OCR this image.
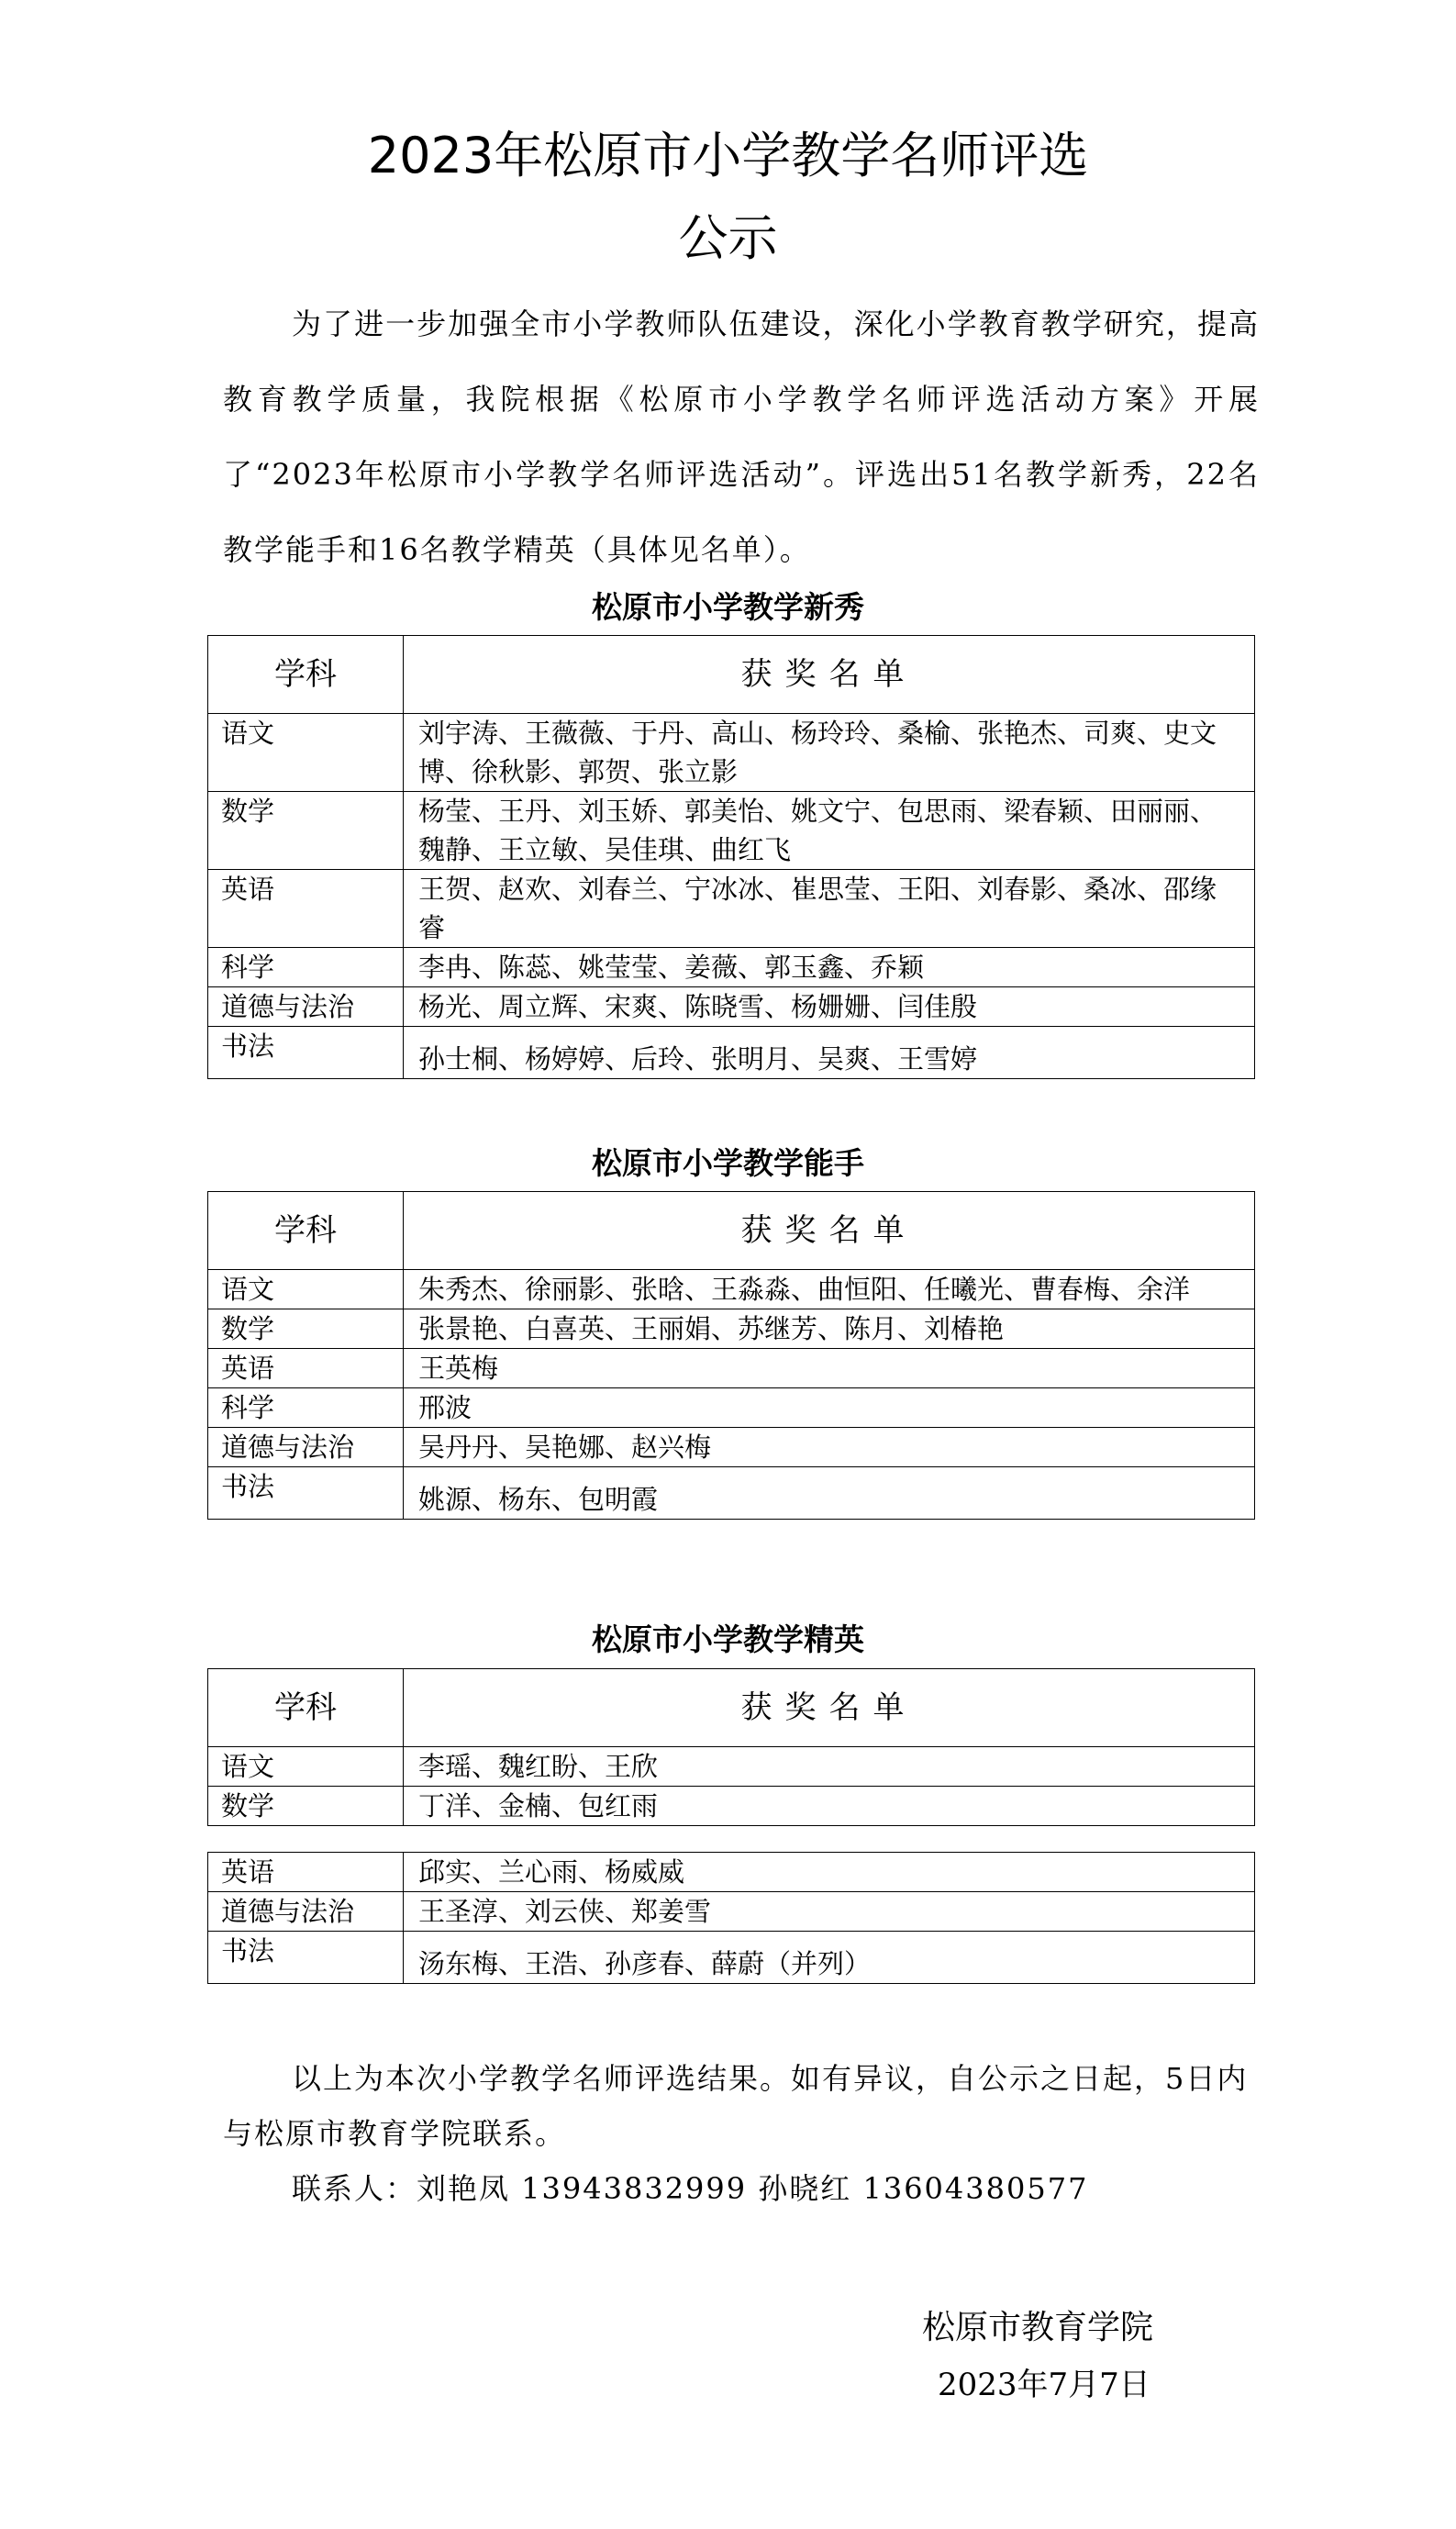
2023年松原市小学教学名师评选
公示

为了进一步加强全市小学教师队伍建设，深化小学教育教学研究，提高教育教学质量，我院根据《松原市小学教学名师评选活动方案》开展了“2023年松原市小学教学名师评选活动”。评选出51名教学新秀，22名教学能手和16名教学精英（具体见名单）。

松原市小学教学新秀
学科	获奖名单
语文	刘宇涛、王薇薇、于丹、高山、杨玲玲、桑榆、张艳杰、司爽、史文博、徐秋影、郭贺、张立影
数学	杨莹、王丹、刘玉娇、郭美怡、姚文宁、包思雨、梁春颖、田丽丽、魏静、王立敏、吴佳琪、曲红飞
英语	王贺、赵欢、刘春兰、宁冰冰、崔思莹、王阳、刘春影、桑冰、邵缘睿
科学	李冉、陈蕊、姚莹莹、姜薇、郭玉鑫、乔颖
道德与法治	杨光、周立辉、宋爽、陈晓雪、杨姗姗、闫佳殷
书法	孙士桐、杨婷婷、后玲、张明月、吴爽、王雪婷
松原市小学教学能手
学科	获奖名单
语文	朱秀杰、徐丽影、张晗、王淼淼、曲恒阳、任曦光、曹春梅、余洋
数学	张景艳、白喜英、王丽娟、苏继芳、陈月、刘椿艳
英语	王英梅
科学	邢波
道德与法治	吴丹丹、吴艳娜、赵兴梅
书法	姚源、杨东、包明霞
松原市小学教学精英
学科	获奖名单
语文	李瑶、魏红盼、王欣
数学	丁洋、金楠、包红雨
英语	邱实、兰心雨、杨威威
道德与法治	王圣淳、刘云侠、郑姜雪
书法	汤东梅、王浩、孙彦春、薛蔚（并列）

以上为本次小学教学名师评选结果。如有异议，自公示之日起，5日内与松原市教育学院联系。

联系人：刘艳凤 13943832999 孙晓红 13604380577

松原市教育学院
2023年7月7日
